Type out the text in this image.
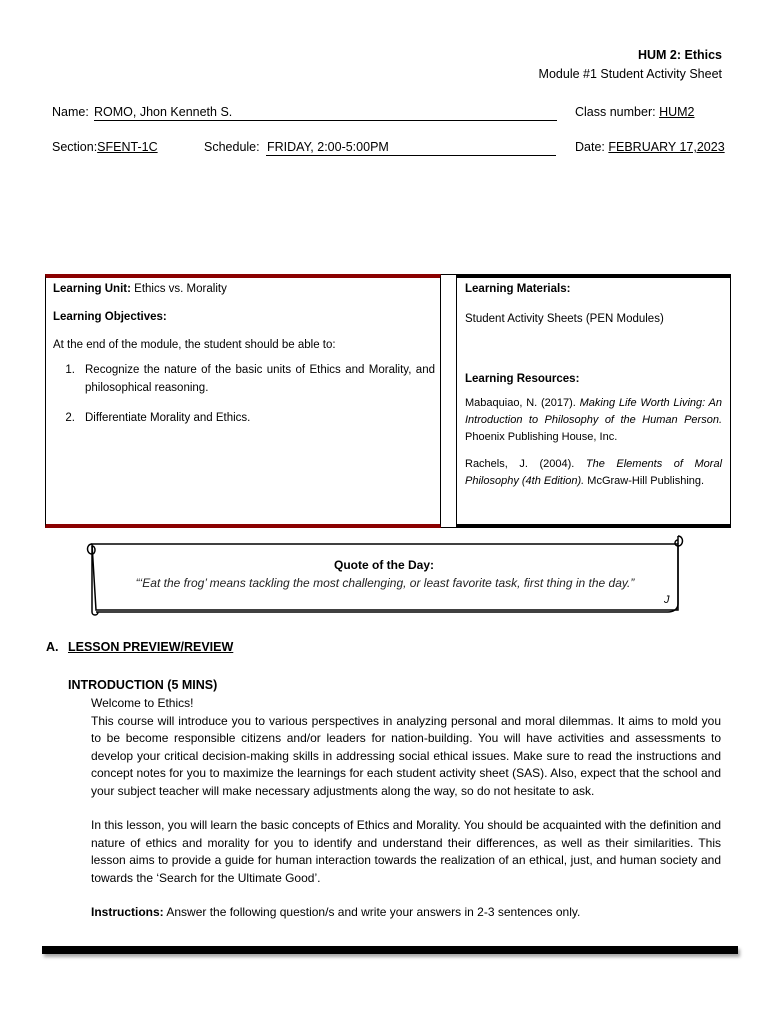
HUM 2: Ethics
Module #1 Student Activity Sheet
Name: ROMO, Jhon Kenneth S.	Class number: HUM2
Section:SFENT-1C	Schedule: FRIDAY, 2:00-5:00PM	Date: FEBRUARY 17,2023

Learning Unit: Ethics vs. Morality

Learning Objectives:

At the end of the module, the student should be able to:

1. Recognize the nature of the basic units of Ethics and Morality, and philosophical reasoning.
2. Differentiate Morality and Ethics.

Learning Materials:

Student Activity Sheets (PEN Modules)

Learning Resources:

Mabaquiao, N. (2017). Making Life Worth Living: An Introduction to Philosophy of the Human Person. Phoenix Publishing House, Inc.

Rachels, J. (2004). The Elements of Moral Philosophy (4th Edition). McGraw-Hill Publishing.

Quote of the Day:
“‘Eat the frog’ means tackling the most challenging, or least favorite task, first thing in the day.”
J
A. LESSON PREVIEW/REVIEW
INTRODUCTION (5 MINS)

Welcome to Ethics!

This course will introduce you to various perspectives in analyzing personal and moral dilemmas. It aims to mold you to be become responsible citizens and/or leaders for nation-building. You will have activities and assessments to develop your critical decision-making skills in addressing social ethical issues. Make sure to read the instructions and concept notes for you to maximize the learnings for each student activity sheet (SAS). Also, expect that the school and your subject teacher will make necessary adjustments along the way, so do not hesitate to ask.

In this lesson, you will learn the basic concepts of Ethics and Morality. You should be acquainted with the definition and nature of ethics and morality for you to identify and understand their differences, as well as their similarities. This lesson aims to provide a guide for human interaction towards the realization of an ethical, just, and human society and towards the ‘Search for the Ultimate Good’.

Instructions: Answer the following question/s and write your answers in 2-3 sentences only.
